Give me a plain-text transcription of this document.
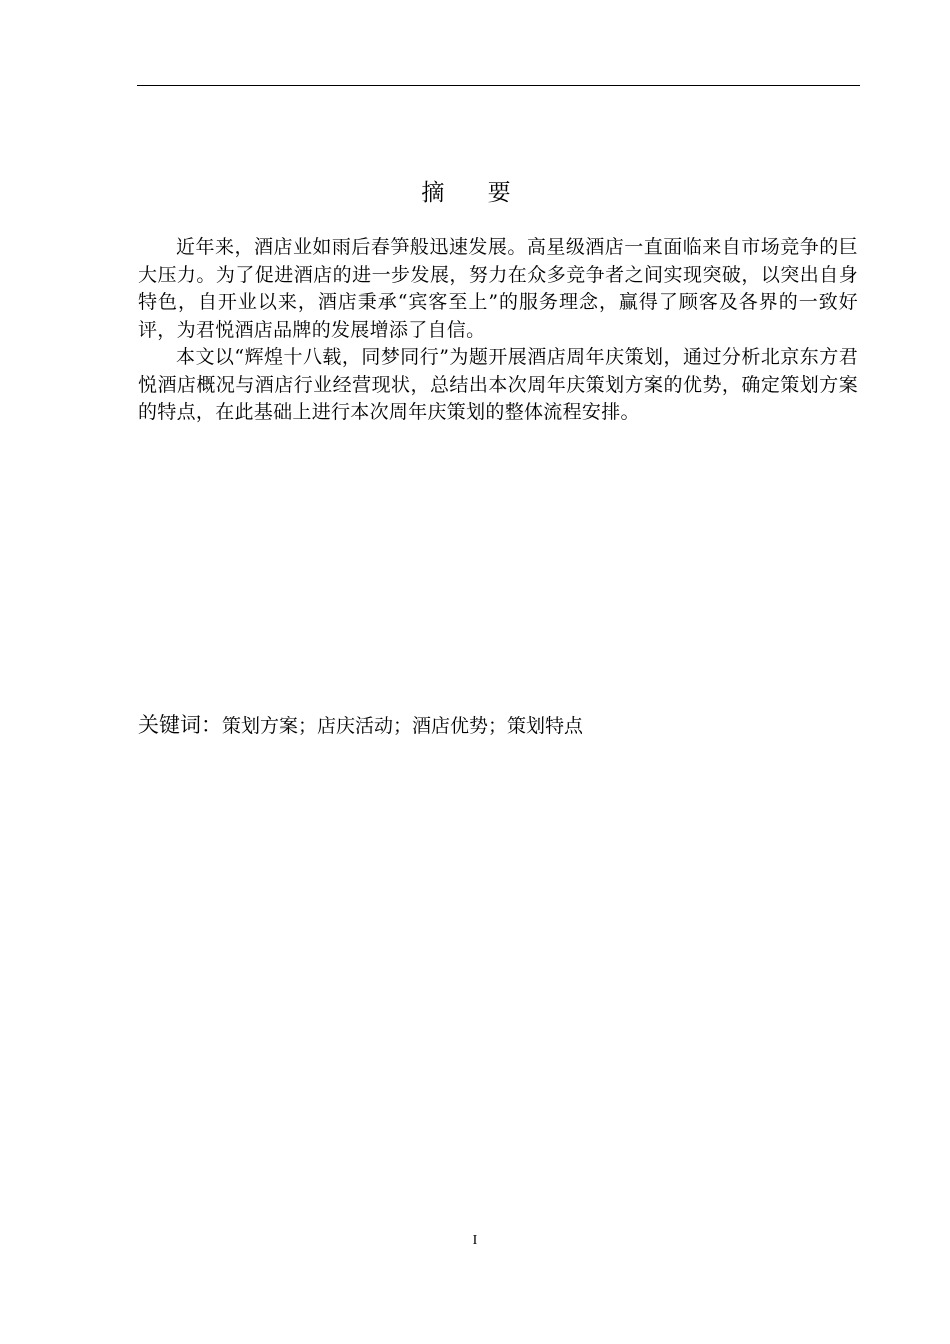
摘 要

近年来，酒店业如雨后春笋般迅速发展。高星级酒店一直面临来自市场竞争的巨大压力。为了促进酒店的进一步发展，努力在众多竞争者之间实现突破，以突出自身特色，自开业以来，酒店秉承“宾客至上”的服务理念，赢得了顾客及各界的一致好评，为君悦酒店品牌的发展增添了自信。

本文以“辉煌十八载，同梦同行”为题开展酒店周年庆策划，通过分析北京东方君悦酒店概况与酒店行业经营现状，总结出本次周年庆策划方案的优势，确定策划方案的特点，在此基础上进行本次周年庆策划的整体流程安排。

关键词：策划方案；店庆活动；酒店优势；策划特点
I
